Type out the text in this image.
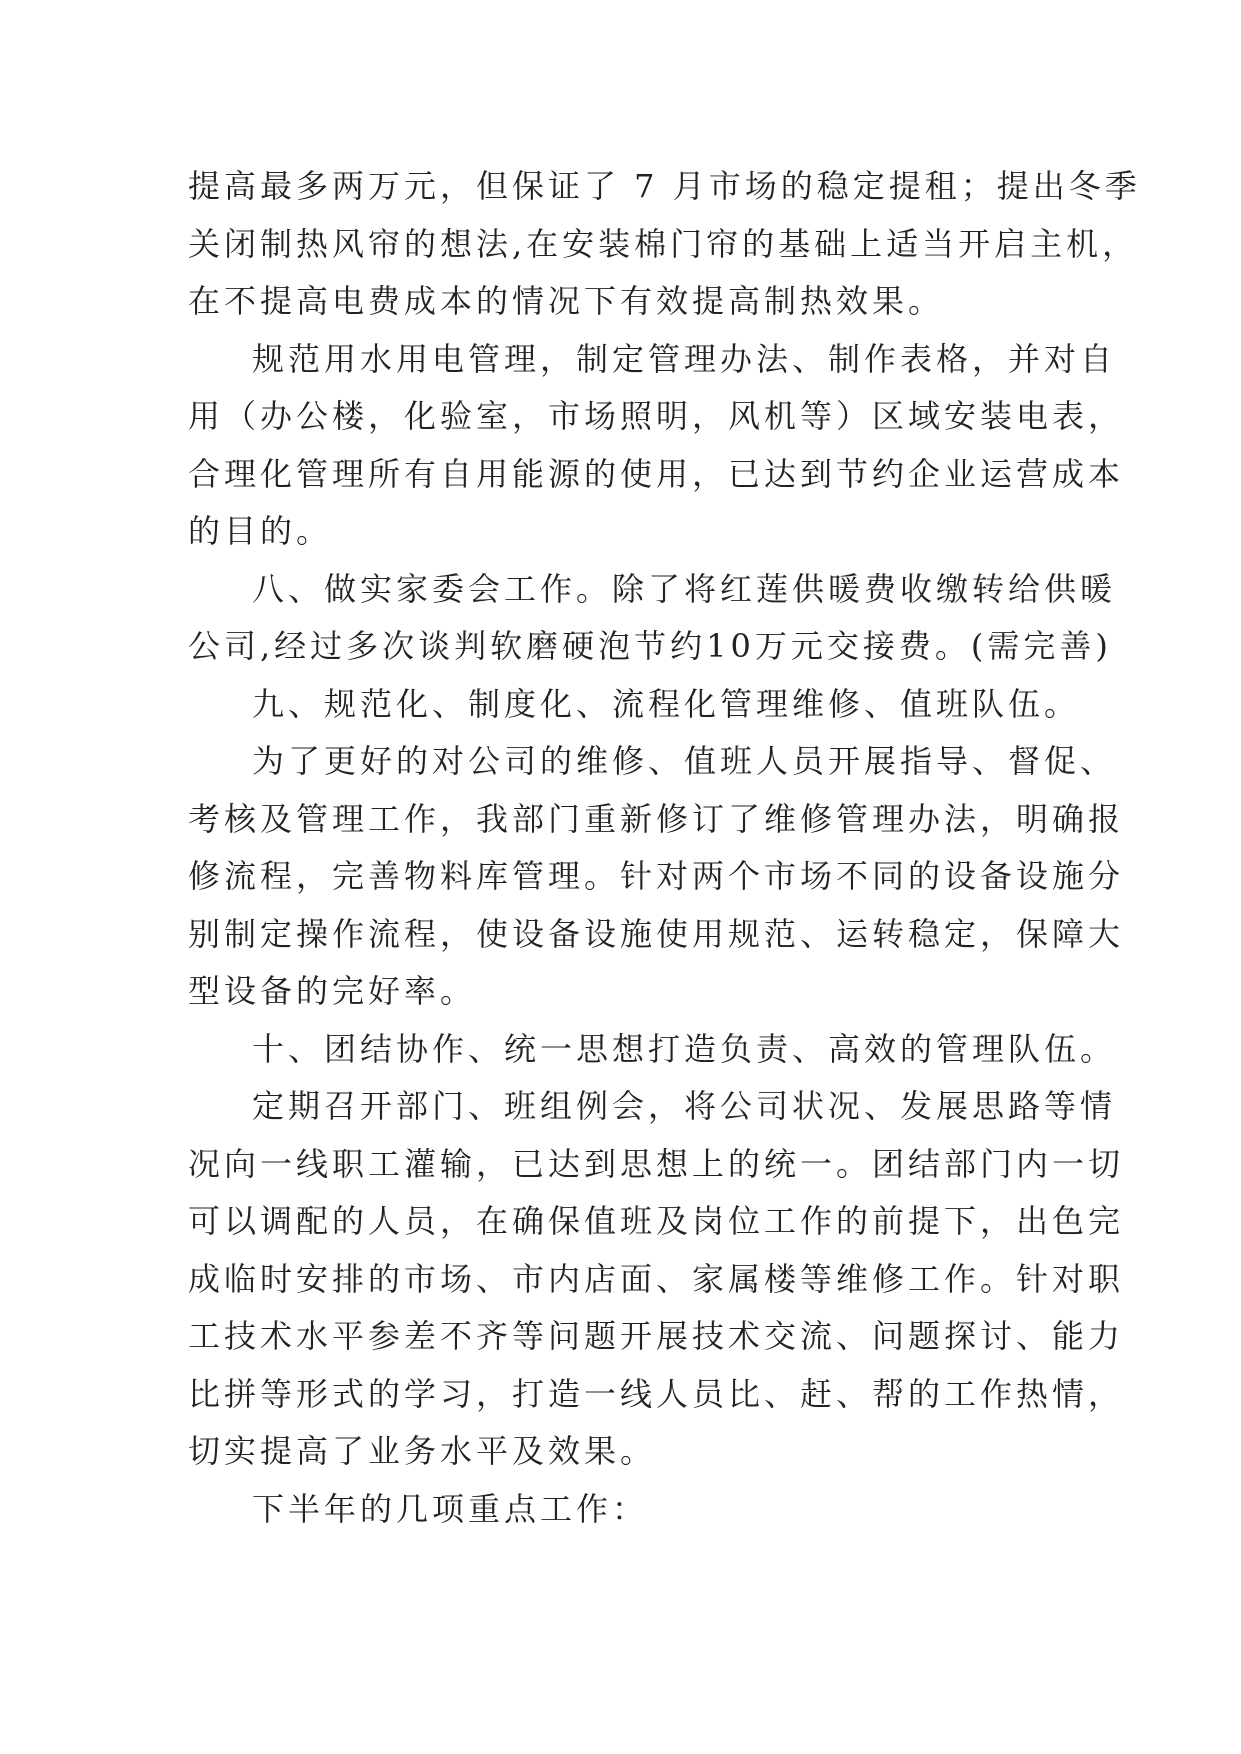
提高最多两万元，但保证了 7 月市场的稳定提租；提出冬季
关闭制热风帘的想法,在安装棉门帘的基础上适当开启主机，
在不提高电费成本的情况下有效提高制热效果。
规范用水用电管理，制定管理办法、制作表格，并对自
用（办公楼，化验室，市场照明，风机等）区域安装电表，
合理化管理所有自用能源的使用，已达到节约企业运营成本
的目的。
八、做实家委会工作。除了将红莲供暖费收缴转给供暖
公司,经过多次谈判软磨硬泡节约10万元交接费。(需完善)
九、规范化、制度化、流程化管理维修、值班队伍。
为了更好的对公司的维修、值班人员开展指导、督促、
考核及管理工作，我部门重新修订了维修管理办法，明确报
修流程，完善物料库管理。针对两个市场不同的设备设施分
别制定操作流程，使设备设施使用规范、运转稳定，保障大
型设备的完好率。
十、团结协作、统一思想打造负责、高效的管理队伍。
定期召开部门、班组例会，将公司状况、发展思路等情
况向一线职工灌输，已达到思想上的统一。团结部门内一切
可以调配的人员，在确保值班及岗位工作的前提下，出色完
成临时安排的市场、市内店面、家属楼等维修工作。针对职
工技术水平参差不齐等问题开展技术交流、问题探讨、能力
比拼等形式的学习，打造一线人员比、赶、帮的工作热情，
切实提高了业务水平及效果。
下半年的几项重点工作：
